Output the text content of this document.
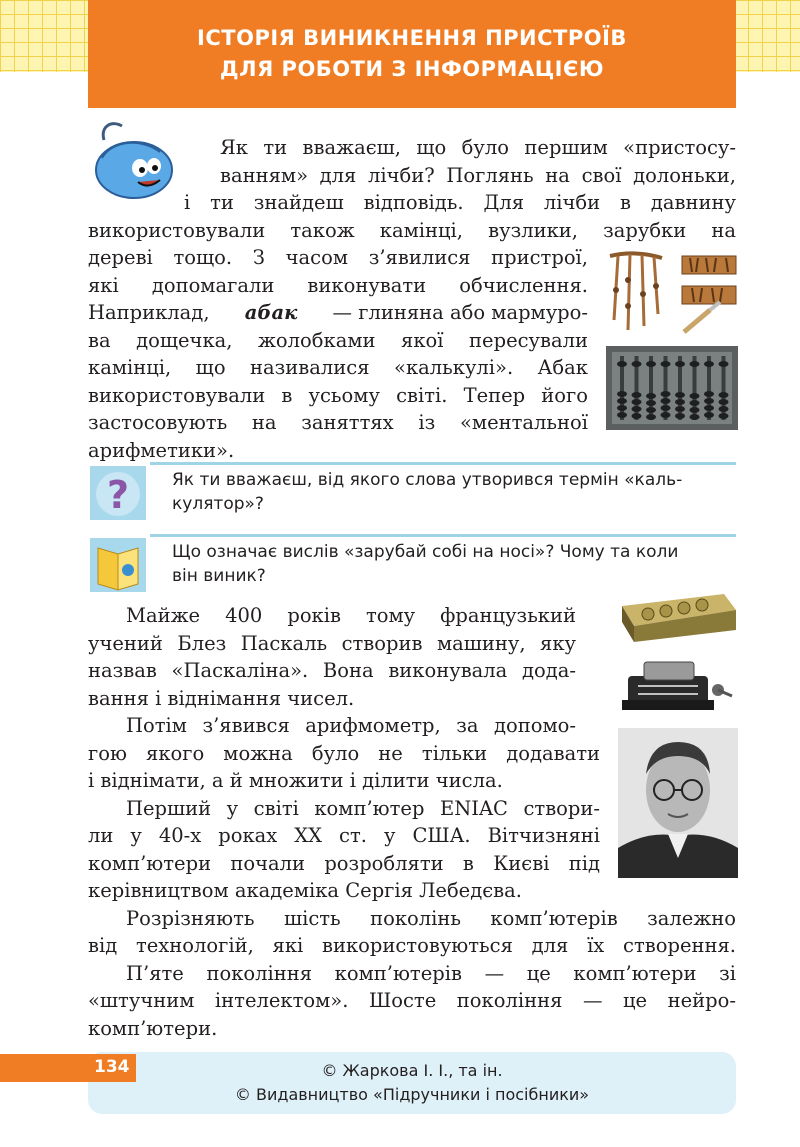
ІСТОРІЯ ВИНИКНЕННЯ ПРИСТРОЇВ
ДЛЯ РОБОТИ З ІНФОРМАЦІЄЮ
Як ти вважаєш, що було першим «пристосу-
ванням» для лічби? Поглянь на свої долоньки,
і ти знайдеш відповідь. Для лічби в давнину
використовували також камінці, вузлики, зарубки на
дереві тощо. З часом з’явилися пристрої,
які допомагали виконувати обчислення.
Наприклад, абак — глиняна або мармуро-
ва дощечка, жолобками якої пересували
камінці, що називалися «калькулі». Абак
використовували в усьому світі. Тепер його
застосовують на заняттях із «ментальної
арифметики».
?	Як ти вважаєш, від якого слова утворився термін «каль-
кулятор»?
Що означає вислів «зарубай собі на носі»? Чому та коли
він виник?
Майже 400 років тому французький
учений Блез Паскаль створив машину, яку
назвав «Паскаліна». Вона виконувала дода-
вання і віднімання чисел.
Потім з’явився арифмометр, за допомо-
гою якого можна було не тільки додавати
і віднімати, а й множити і ділити числа.
Перший у світі комп’ютер ENIAC створи-
ли у 40-х роках XX ст. у США. Вітчизняні
комп’ютери почали розробляти в Києві під
керівництвом академіка Сергія Лебедєва.
Розрізняють шість поколінь комп’ютерів залежно
від технологій, які використовуються для їх створення.
П’яте покоління комп’ютерів — це комп’ютери зі
«штучним інтелектом». Шосте покоління — це нейро-
комп’ютери.
© Жаркова І. І., та ін.
© Видавництво «Підручники і посібники»
134
